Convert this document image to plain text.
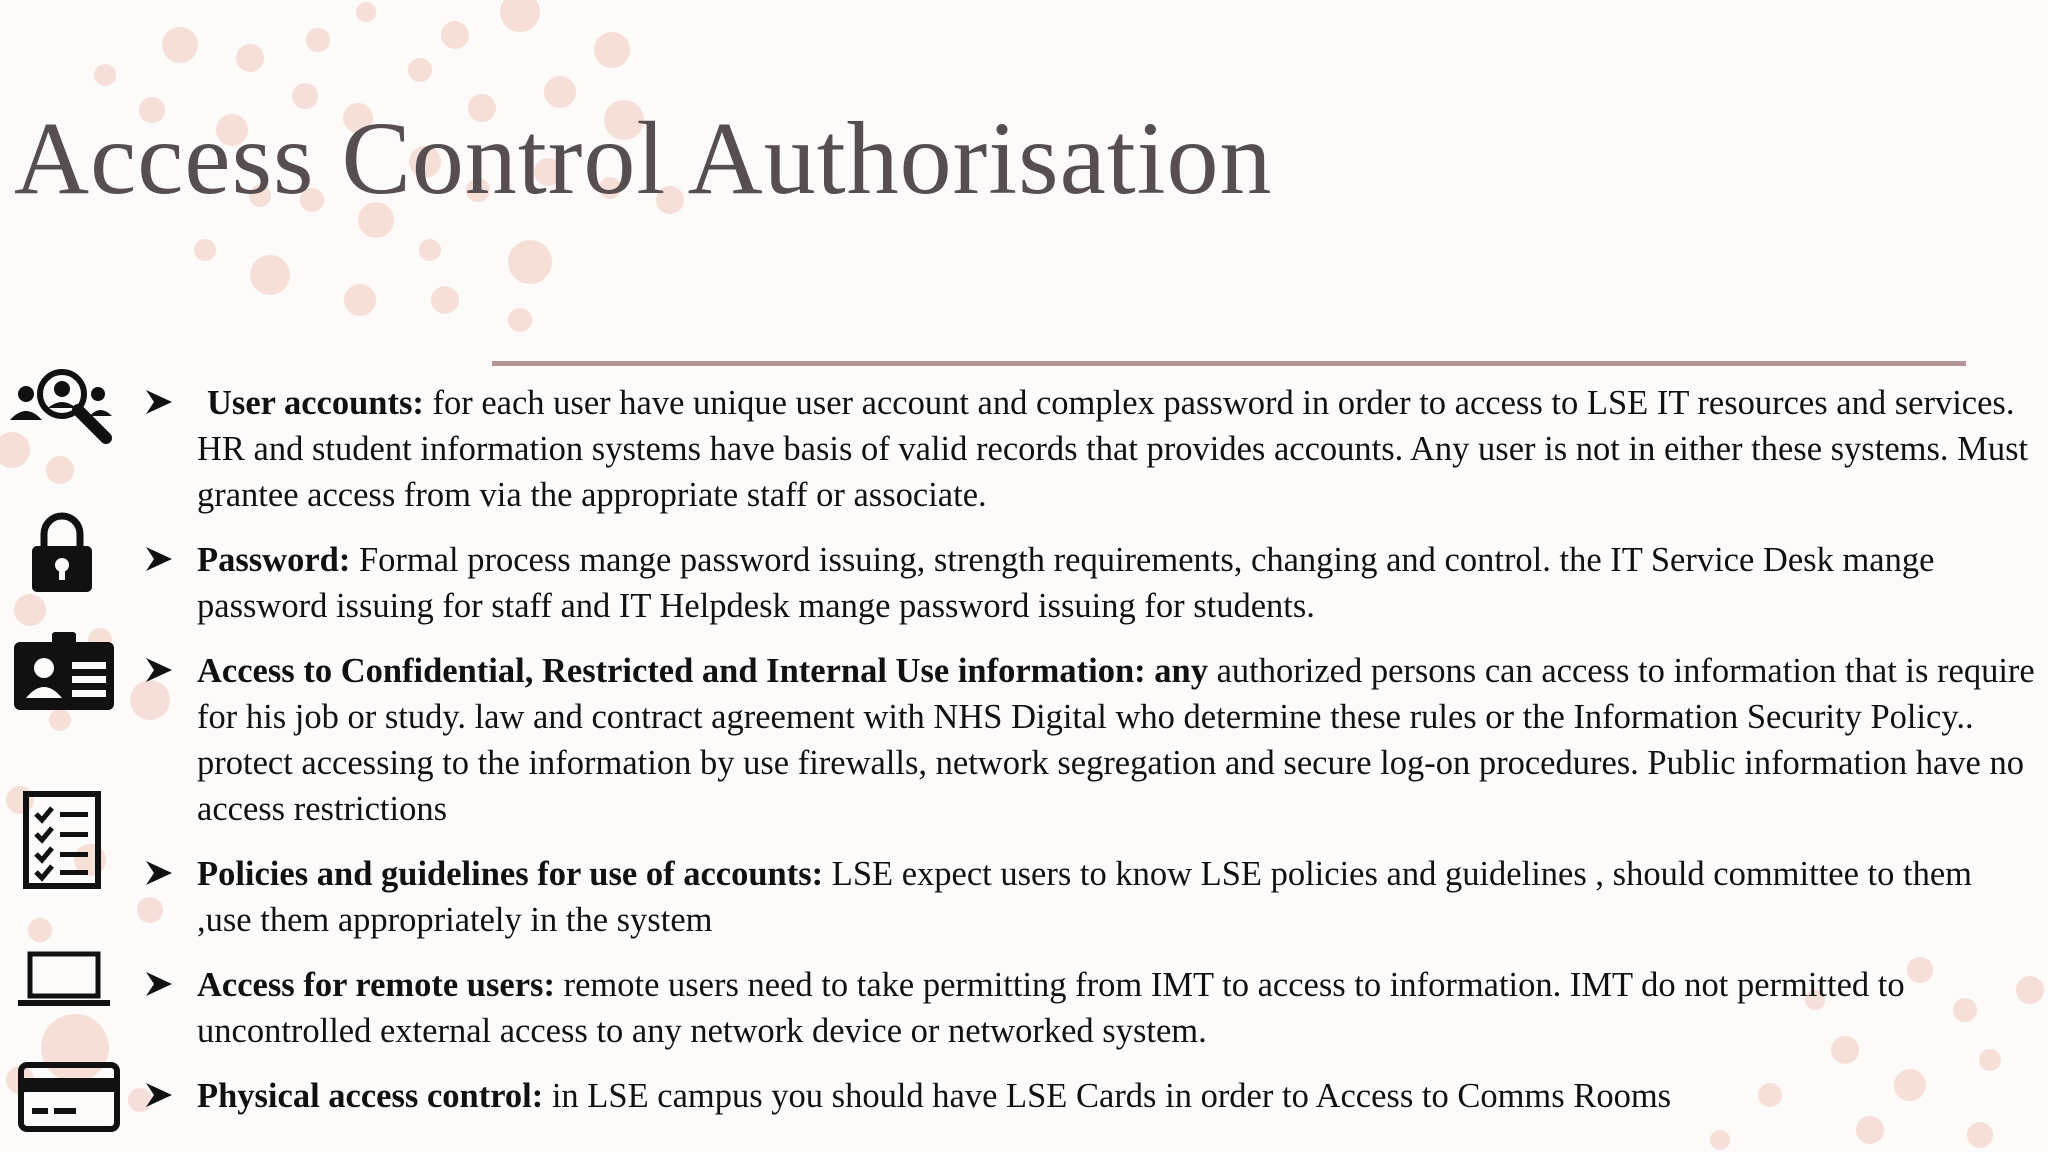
Access Control Authorisation

User accounts: for each user have unique user account and complex password in order to access to LSE IT resources and services. HR and student information systems have basis of valid records that provides accounts. Any user is not in either these systems. Must grantee access from via the appropriate staff or associate.

Password: Formal process mange password issuing, strength requirements, changing and control. the IT Service Desk mange password issuing for staff and IT Helpdesk mange password issuing for students.

Access to Confidential, Restricted and Internal Use information: any authorized persons can access to information that is require for his job or study. law and contract agreement with NHS Digital who determine these rules or the Information Security Policy.. protect accessing to the information by use firewalls, network segregation and secure log-on procedures. Public information have no access restrictions

Policies and guidelines for use of accounts: LSE expect users to know LSE policies and guidelines , should committee to them ,use them appropriately in the system

Access for remote users: remote users need to take permitting from IMT to access to information. IMT do not permitted to uncontrolled external access to any network device or networked system.

Physical access control: in LSE campus you should have LSE Cards in order to Access to Comms Rooms
